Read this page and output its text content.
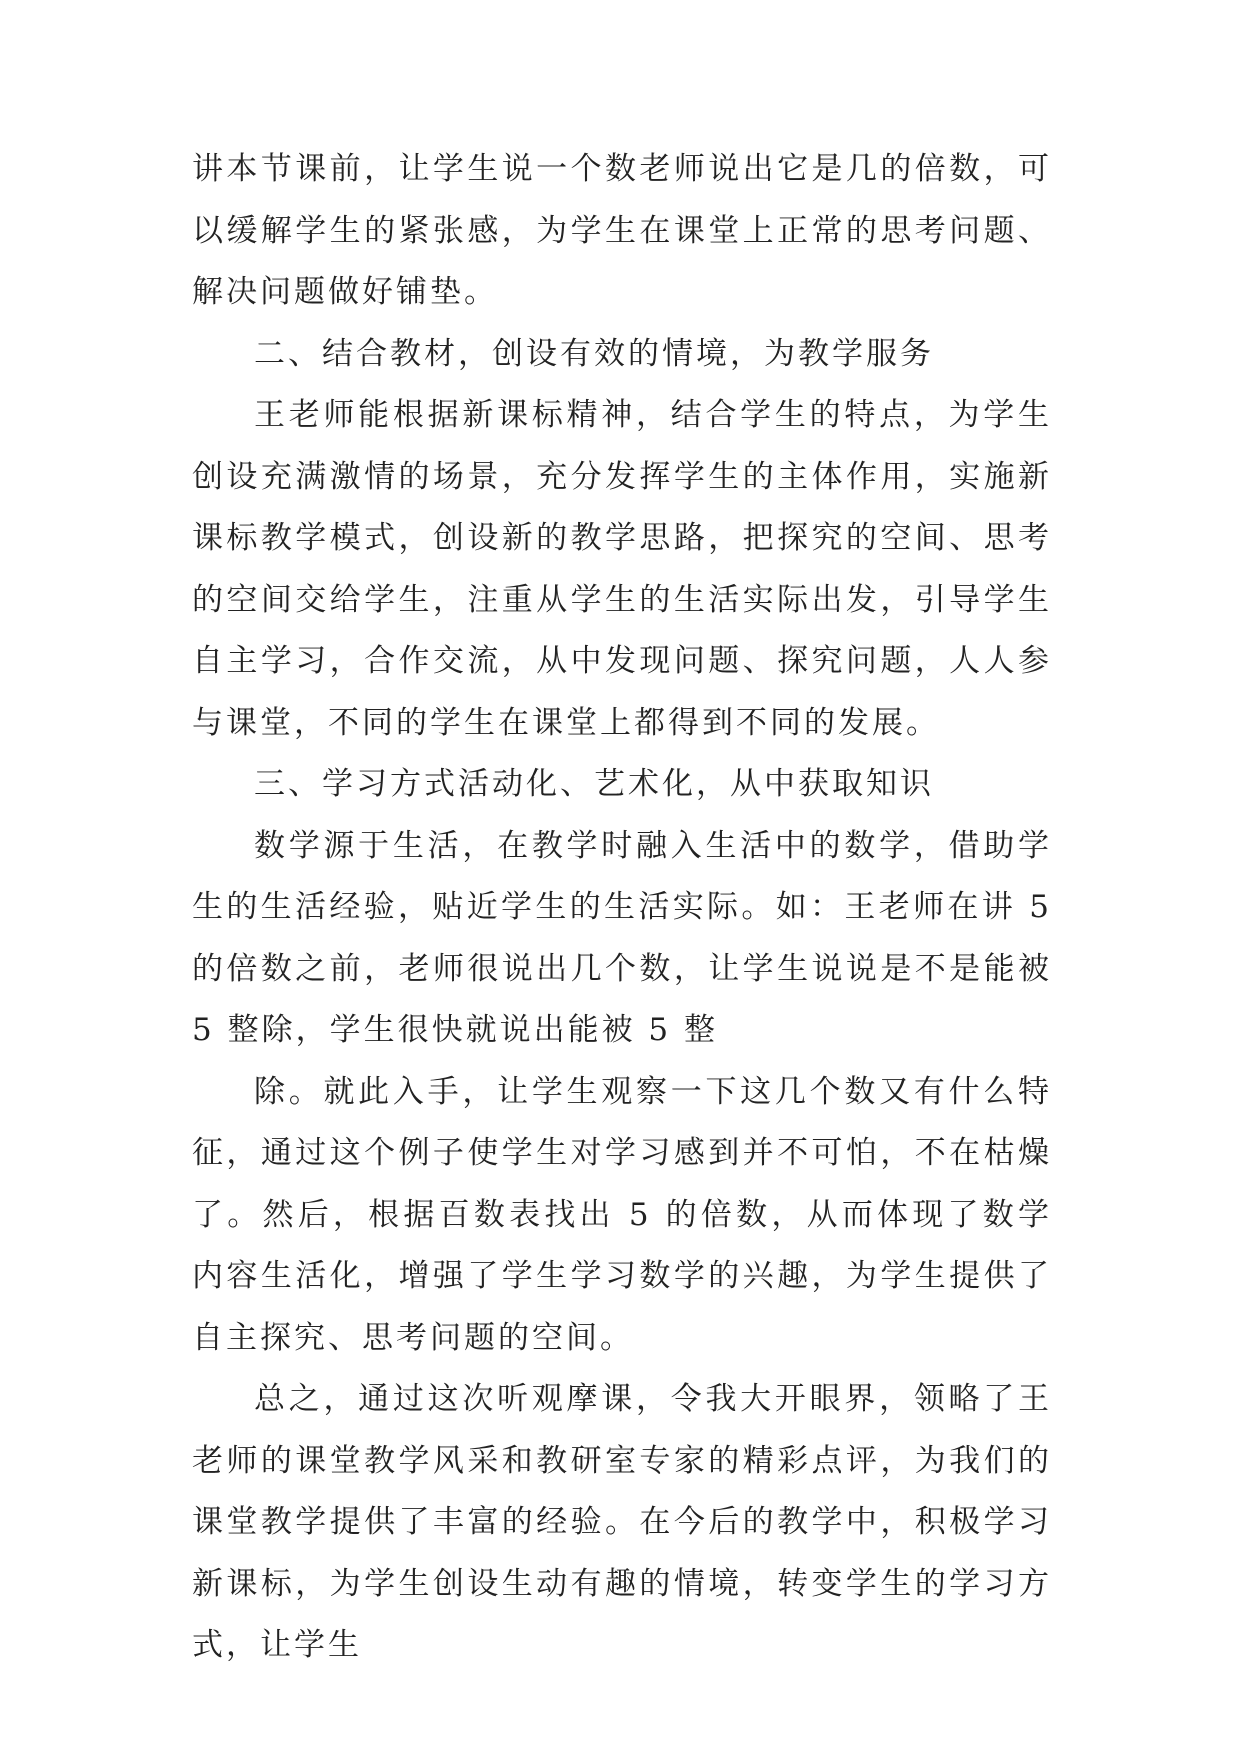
讲本节课前，让学生说一个数老师说出它是几的倍数，可以缓解学生的紧张感，为学生在课堂上正常的思考问题、解决问题做好铺垫。

二、结合教材，创设有效的情境，为教学服务

王老师能根据新课标精神，结合学生的特点，为学生创设充满激情的场景，充分发挥学生的主体作用，实施新课标教学模式，创设新的教学思路，把探究的空间、思考的空间交给学生，注重从学生的生活实际出发，引导学生自主学习，合作交流，从中发现问题、探究问题，人人参与课堂，不同的学生在课堂上都得到不同的发展。

三、学习方式活动化、艺术化，从中获取知识

数学源于生活，在教学时融入生活中的数学，借助学生的生活经验，贴近学生的生活实际。如：王老师在讲 5 的倍数之前，老师很说出几个数，让学生说说是不是能被 5 整除，学生很快就说出能被 5 整

除。就此入手，让学生观察一下这几个数又有什么特征，通过这个例子使学生对学习感到并不可怕，不在枯燥了。然后，根据百数表找出 5 的倍数，从而体现了数学内容生活化，增强了学生学习数学的兴趣，为学生提供了自主探究、思考问题的空间。

总之，通过这次听观摩课，令我大开眼界，领略了王老师的课堂教学风采和教研室专家的精彩点评，为我们的课堂教学提供了丰富的经验。在今后的教学中，积极学习新课标，为学生创设生动有趣的情境，转变学生的学习方式，让学生
